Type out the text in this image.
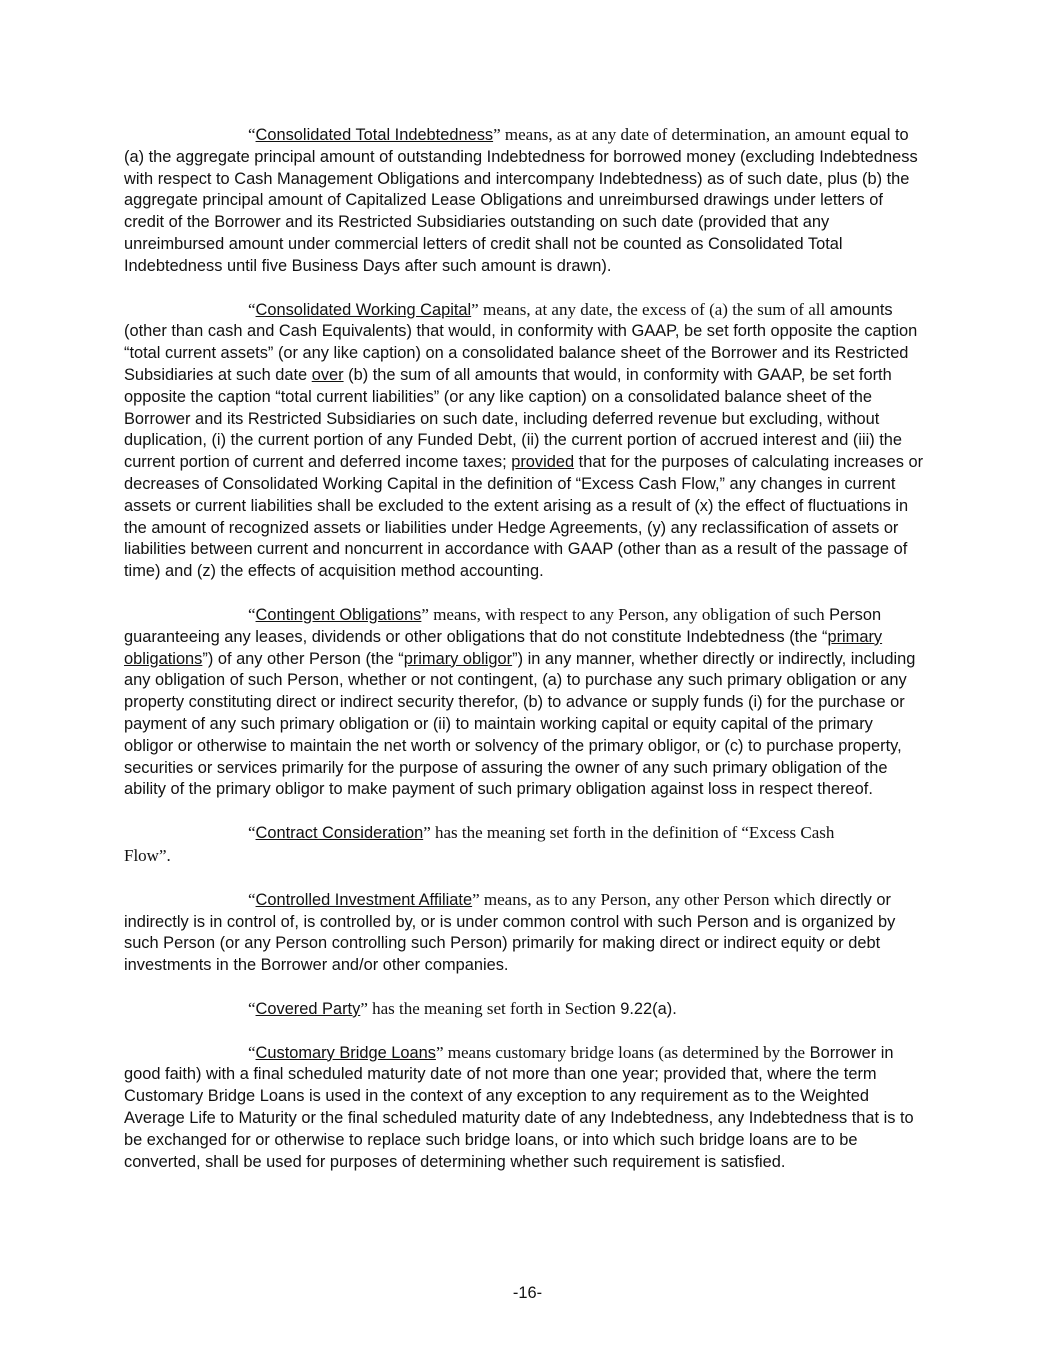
“Consolidated Total Indebtedness” means, as at any date of determination, an amount equal to (a) the aggregate principal amount of outstanding Indebtedness for borrowed money (excluding Indebtedness with respect to Cash Management Obligations and intercompany Indebtedness) as of such date, plus (b) the aggregate principal amount of Capitalized Lease Obligations and unreimbursed drawings under letters of credit of the Borrower and its Restricted Subsidiaries outstanding on such date (provided that any unreimbursed amount under commercial letters of credit shall not be counted as Consolidated Total Indebtedness until five Business Days after such amount is drawn).

“Consolidated Working Capital” means, at any date, the excess of (a) the sum of all amounts (other than cash and Cash Equivalents) that would, in conformity with GAAP, be set forth opposite the caption “total current assets” (or any like caption) on a consolidated balance sheet of the Borrower and its Restricted Subsidiaries at such date over (b) the sum of all amounts that would, in conformity with GAAP, be set forth opposite the caption “total current liabilities” (or any like caption) on a consolidated balance sheet of the Borrower and its Restricted Subsidiaries on such date, including deferred revenue but excluding, without duplication, (i) the current portion of any Funded Debt, (ii) the current portion of accrued interest and (iii) the current portion of current and deferred income taxes; provided that for the purposes of calculating increases or decreases of Consolidated Working Capital in the definition of “Excess Cash Flow,” any changes in current assets or current liabilities shall be excluded to the extent arising as a result of (x) the effect of fluctuations in the amount of recognized assets or liabilities under Hedge Agreements, (y) any reclassification of assets or liabilities between current and noncurrent in accordance with GAAP (other than as a result of the passage of time) and (z) the effects of acquisition method accounting.

“Contingent Obligations” means, with respect to any Person, any obligation of such Person guaranteeing any leases, dividends or other obligations that do not constitute Indebtedness (the “primary obligations”) of any other Person (the “primary obligor”) in any manner, whether directly or indirectly, including any obligation of such Person, whether or not contingent, (a) to purchase any such primary obligation or any property constituting direct or indirect security therefor, (b) to advance or supply funds (i) for the purchase or payment of any such primary obligation or (ii) to maintain working capital or equity capital of the primary obligor or otherwise to maintain the net worth or solvency of the primary obligor, or (c) to purchase property, securities or services primarily for the purpose of assuring the owner of any such primary obligation of the ability of the primary obligor to make payment of such primary obligation against loss in respect thereof.

“Contract Consideration” has the meaning set forth in the definition of “Excess Cash
Flow”.

“Controlled Investment Affiliate” means, as to any Person, any other Person which directly or indirectly is in control of, is controlled by, or is under common control with such Person and is organized by such Person (or any Person controlling such Person) primarily for making direct or indirect equity or debt investments in the Borrower and/or other companies.

“Covered Party” has the meaning set forth in Section 9.22(a).

“Customary Bridge Loans” means customary bridge loans (as determined by the Borrower in good faith) with a final scheduled maturity date of not more than one year; provided that, where the term Customary Bridge Loans is used in the context of any exception to any requirement as to the Weighted Average Life to Maturity or the final scheduled maturity date of any Indebtedness, any Indebtedness that is to be exchanged for or otherwise to replace such bridge loans, or into which such bridge loans are to be converted, shall be used for purposes of determining whether such requirement is satisfied.

-16-
